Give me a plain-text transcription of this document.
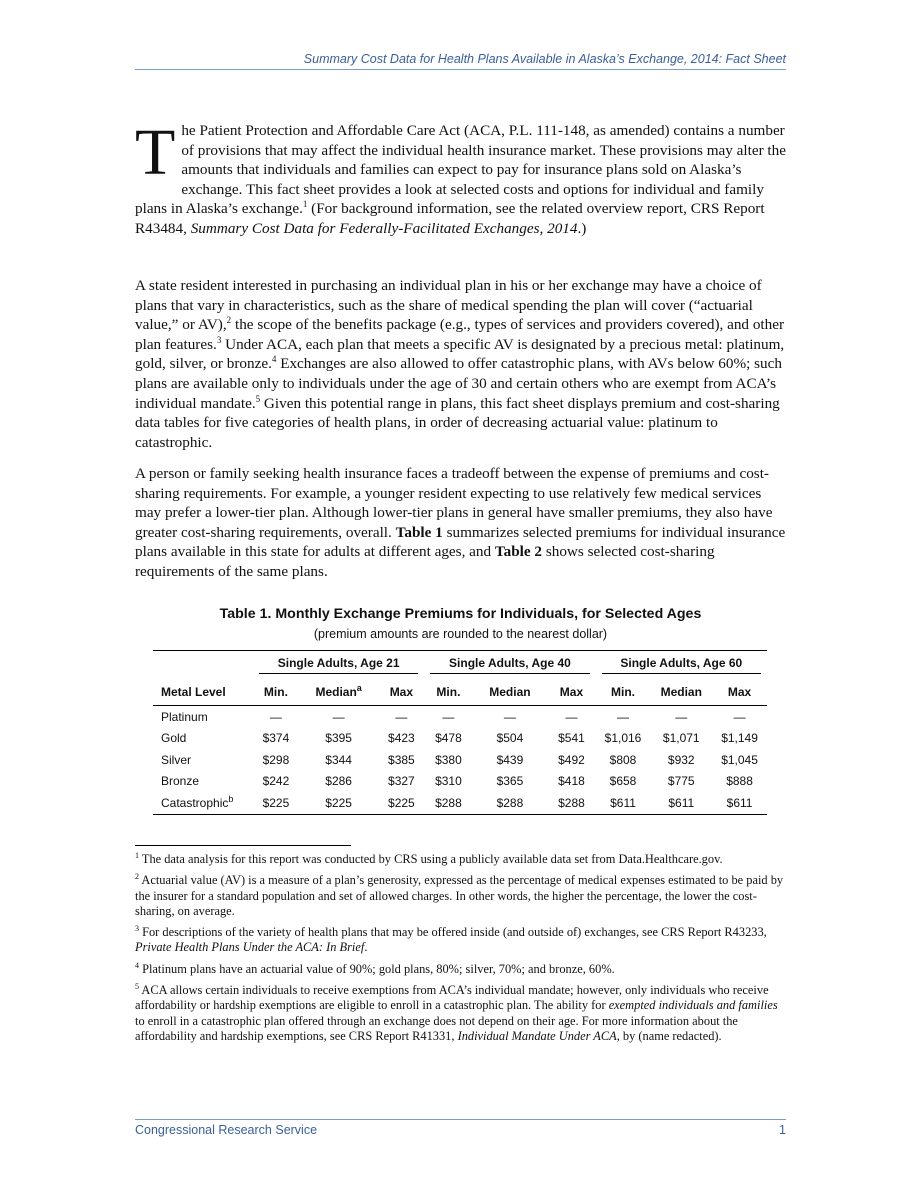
Summary Cost Data for Health Plans Available in Alaska’s Exchange, 2014: Fact Sheet

The Patient Protection and Affordable Care Act (ACA, P.L. 111-148, as amended) contains a number of provisions that may affect the individual health insurance market. These provisions may alter the amounts that individuals and families can expect to pay for insurance plans sold on Alaska’s exchange. This fact sheet provides a look at selected costs and options for individual and family plans in Alaska’s exchange.$^1$ (For background information, see the related overview report, CRS Report R43484, Summary Cost Data for Federally-Facilitated Exchanges, 2014.)

A state resident interested in purchasing an individual plan in his or her exchange may have a choice of plans that vary in characteristics, such as the share of medical spending the plan will cover (“actuarial value,” or AV),$^2$ the scope of the benefits package (e.g., types of services and providers covered), and other plan features.$^3$ Under ACA, each plan that meets a specific AV is designated by a precious metal: platinum, gold, silver, or bronze.$^4$ Exchanges are also allowed to offer catastrophic plans, with AVs below 60%; such plans are available only to individuals under the age of 30 and certain others who are exempt from ACA’s individual mandate.$^5$ Given this potential range in plans, this fact sheet displays premium and cost-sharing data tables for five categories of health plans, in order of decreasing actuarial value: platinum to catastrophic.

A person or family seeking health insurance faces a tradeoff between the expense of premiums and cost-sharing requirements. For example, a younger resident expecting to use relatively few medical services may prefer a lower-tier plan. Although lower-tier plans in general have smaller premiums, they also have greater cost-sharing requirements, overall. Table 1 summarizes selected premiums for individual insurance plans available in this state for adults at different ages, and Table 2 shows selected cost-sharing requirements of the same plans.

Table 1. Monthly Exchange Premiums for Individuals, for Selected Ages
(premium amounts are rounded to the nearest dollar)

	Single Adults, Age 21			Single Adults, Age 40			Single Adults, Age 60		

Metal Level	Min.	Median$^a$	Max	Min.	Median	Max	Min.	Median	Max
Platinum	—	—	—	—	—	—	—	—	—
Gold	$374	$395	$423	$478	$504	$541	$1,016	$1,071	$1,149
Silver	$298	$344	$385	$380	$439	$492	$808	$932	$1,045
Bronze	$242	$286	$327	$310	$365	$418	$658	$775	$888
Catastrophic$^b$	$225	$225	$225	$288	$288	$288	$611	$611	$611

$^1$ The data analysis for this report was conducted by CRS using a publicly available data set from Data.Healthcare.gov.

$^2$ Actuarial value (AV) is a measure of a plan’s generosity, expressed as the percentage of medical expenses estimated to be paid by the insurer for a standard population and set of allowed charges. In other words, the higher the percentage, the lower the cost-sharing, on average.

$^3$ For descriptions of the variety of health plans that may be offered inside (and outside of) exchanges, see CRS Report R43233, Private Health Plans Under the ACA: In Brief.

$^4$ Platinum plans have an actuarial value of 90%; gold plans, 80%; silver, 70%; and bronze, 60%.

$^5$ ACA allows certain individuals to receive exemptions from ACA’s individual mandate; however, only individuals who receive affordability or hardship exemptions are eligible to enroll in a catastrophic plan. The ability for exempted individuals and families to enroll in a catastrophic plan offered through an exchange does not depend on their age. For more information about the affordability and hardship exemptions, see CRS Report R41331, Individual Mandate Under ACA, by (name redacted).

Congressional Research Service	1
